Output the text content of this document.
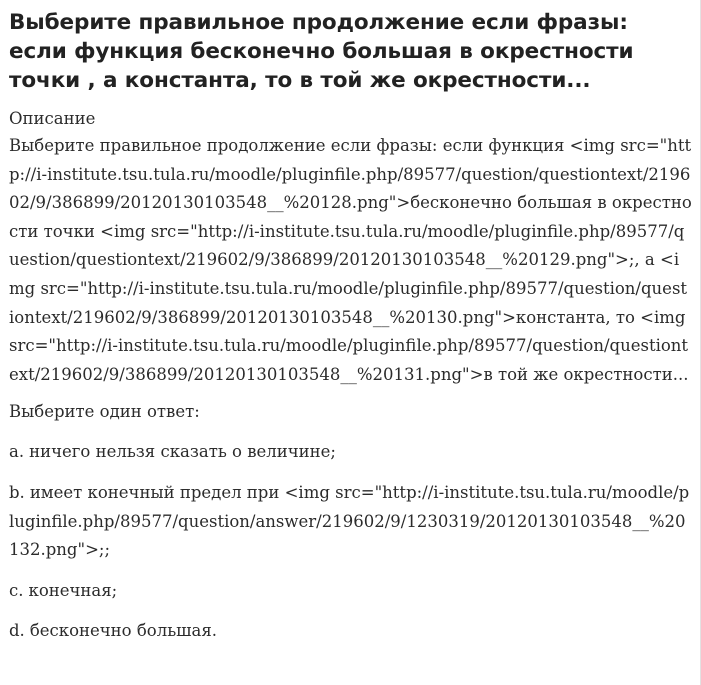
Выберите правильное продолжение если фразы: если функция бесконечно большая в окрестности точки , а константа, то в той же окрестности...
Описание
Выберите правильное продолжение если фразы: если функция <img src="http://i-institute.tsu.tula.ru/moodle/pluginfile.php/89577/question/questiontext/219602/9/386899/20120130103548__%20128.png">бесконечно большая в окрестности точки <img src="http://i-institute.tsu.tula.ru/moodle/pluginfile.php/89577/question/questiontext/219602/9/386899/20120130103548__%20129.png">;, а <img src="http://i-institute.tsu.tula.ru/moodle/pluginfile.php/89577/question/questiontext/219602/9/386899/20120130103548__%20130.png">константа, то <img src="http://i-institute.tsu.tula.ru/moodle/pluginfile.php/89577/question/questiontext/219602/9/386899/20120130103548__%20131.png">в той же окрестности...
Выберите один ответ:
a. ничего нельзя сказать о величине;
b. имеет конечный предел при <img src="http://i-institute.tsu.tula.ru/moodle/pluginfile.php/89577/question/answer/219602/9/1230319/20120130103548__%20132.png">;;
c. конечная;
d. бесконечно большая.
